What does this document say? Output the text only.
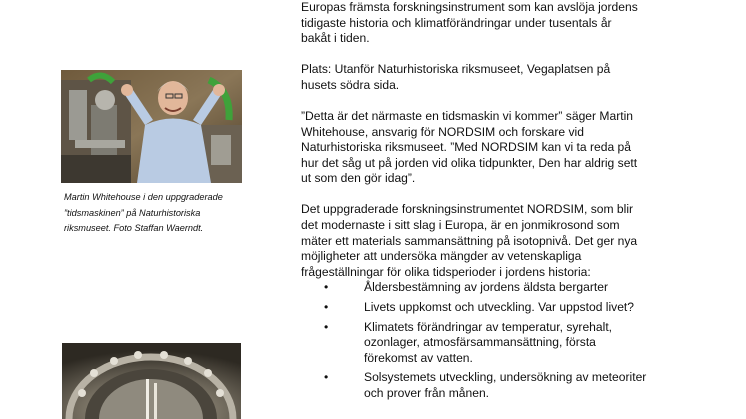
Martin Whitehouse i den uppgraderade
”tidsmaskinen” på Naturhistoriska
riksmuseet. Foto Staffan Waerndt.

Europas främsta forskningsinstrument som kan avslöja jordens
tidigaste historia och klimatförändringar under tusentals år
bakåt i tiden.

Plats: Utanför Naturhistoriska riksmuseet, Vegaplatsen på
husets södra sida.

”Detta är det närmaste en tidsmaskin vi kommer” säger Martin
Whitehouse, ansvarig för NORDSIM och forskare vid
Naturhistoriska riksmuseet. ”Med NORDSIM kan vi ta reda på
hur det såg ut på jorden vid olika tidpunkter, Den har aldrig sett
ut som den gör idag”.

Det uppgraderade forskningsinstrumentet NORDSIM, som blir
det modernaste i sitt slag i Europa, är en jonmikrosond som
mäter ett materials sammansättning på isotopnivå. Det ger nya
möjligheter att undersöka mängder av vetenskapliga
frågeställningar för olika tidsperioder i jordens historia:

•	Åldersbestämning av jordens äldsta bergarter
•	Livets uppkomst och utveckling. Var uppstod livet?
•	Klimatets förändringar av temperatur, syrehalt,
ozonlager, atmosfärsammansättning, första
förekomst av vatten.
•	Solsystemets utveckling, undersökning av meteoriter
och prover från månen.
